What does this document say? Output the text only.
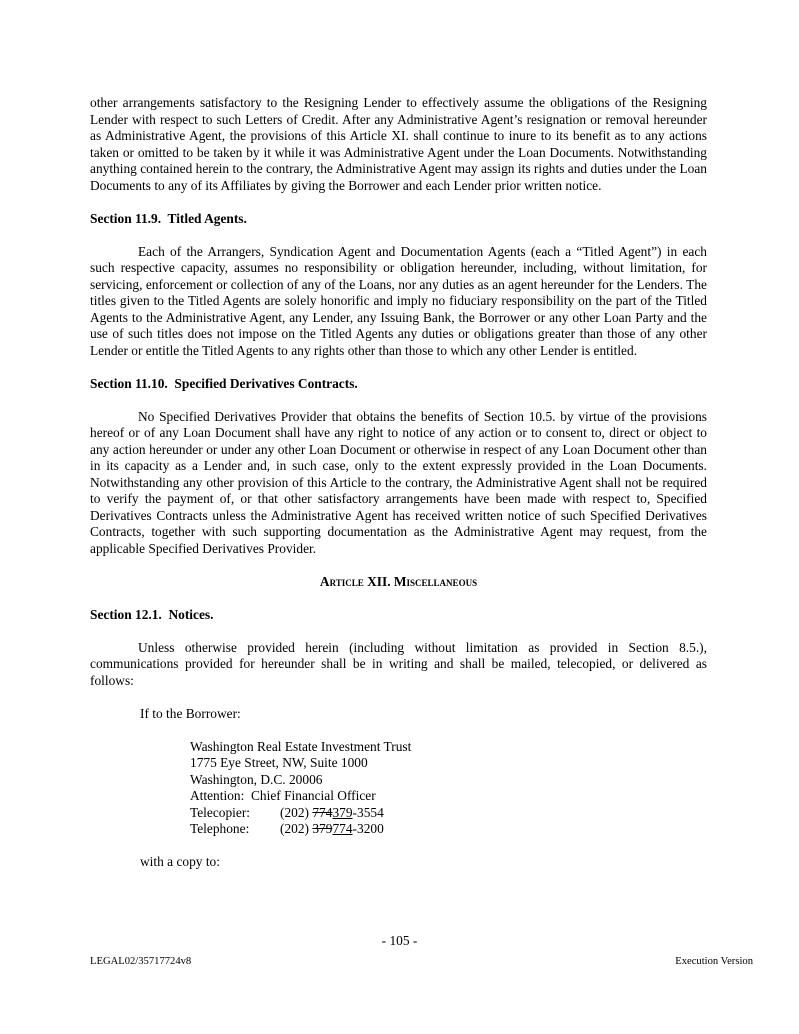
other arrangements satisfactory to the Resigning Lender to effectively assume the obligations of the Resigning Lender with respect to such Letters of Credit. After any Administrative Agent’s resignation or removal hereunder as Administrative Agent, the provisions of this Article XI. shall continue to inure to its benefit as to any actions taken or omitted to be taken by it while it was Administrative Agent under the Loan Documents. Notwithstanding anything contained herein to the contrary, the Administrative Agent may assign its rights and duties under the Loan Documents to any of its Affiliates by giving the Borrower and each Lender prior written notice.

Section 11.9.  Titled Agents.

Each of the Arrangers, Syndication Agent and Documentation Agents (each a “Titled Agent”) in each such respective capacity, assumes no responsibility or obligation hereunder, including, without limitation, for servicing, enforcement or collection of any of the Loans, nor any duties as an agent hereunder for the Lenders. The titles given to the Titled Agents are solely honorific and imply no fiduciary responsibility on the part of the Titled Agents to the Administrative Agent, any Lender, any Issuing Bank, the Borrower or any other Loan Party and the use of such titles does not impose on the Titled Agents any duties or obligations greater than those of any other Lender or entitle the Titled Agents to any rights other than those to which any other Lender is entitled.

Section 11.10.  Specified Derivatives Contracts.

No Specified Derivatives Provider that obtains the benefits of Section 10.5. by virtue of the provisions hereof or of any Loan Document shall have any right to notice of any action or to consent to, direct or object to any action hereunder or under any other Loan Document or otherwise in respect of any Loan Document other than in its capacity as a Lender and, in such case, only to the extent expressly provided in the Loan Documents. Notwithstanding any other provision of this Article to the contrary, the Administrative Agent shall not be required to verify the payment of, or that other satisfactory arrangements have been made with respect to, Specified Derivatives Contracts unless the Administrative Agent has received written notice of such Specified Derivatives Contracts, together with such supporting documentation as the Administrative Agent may request, from the applicable Specified Derivatives Provider.

Article XII. Miscellaneous
Section 12.1.  Notices.

Unless otherwise provided herein (including without limitation as provided in Section 8.5.), communications provided for hereunder shall be in writing and shall be mailed, telecopied, or delivered as follows:

If to the Borrower:

Washington Real Estate Investment Trust
1775 Eye Street, NW, Suite 1000
Washington, D.C. 20006
Attention:  Chief Financial Officer
Telecopier: (202) 774379-3554
Telephone: (202) 379774-3200

with a copy to:

- 105 -
LEGAL02/35717724v8	Execution Version
